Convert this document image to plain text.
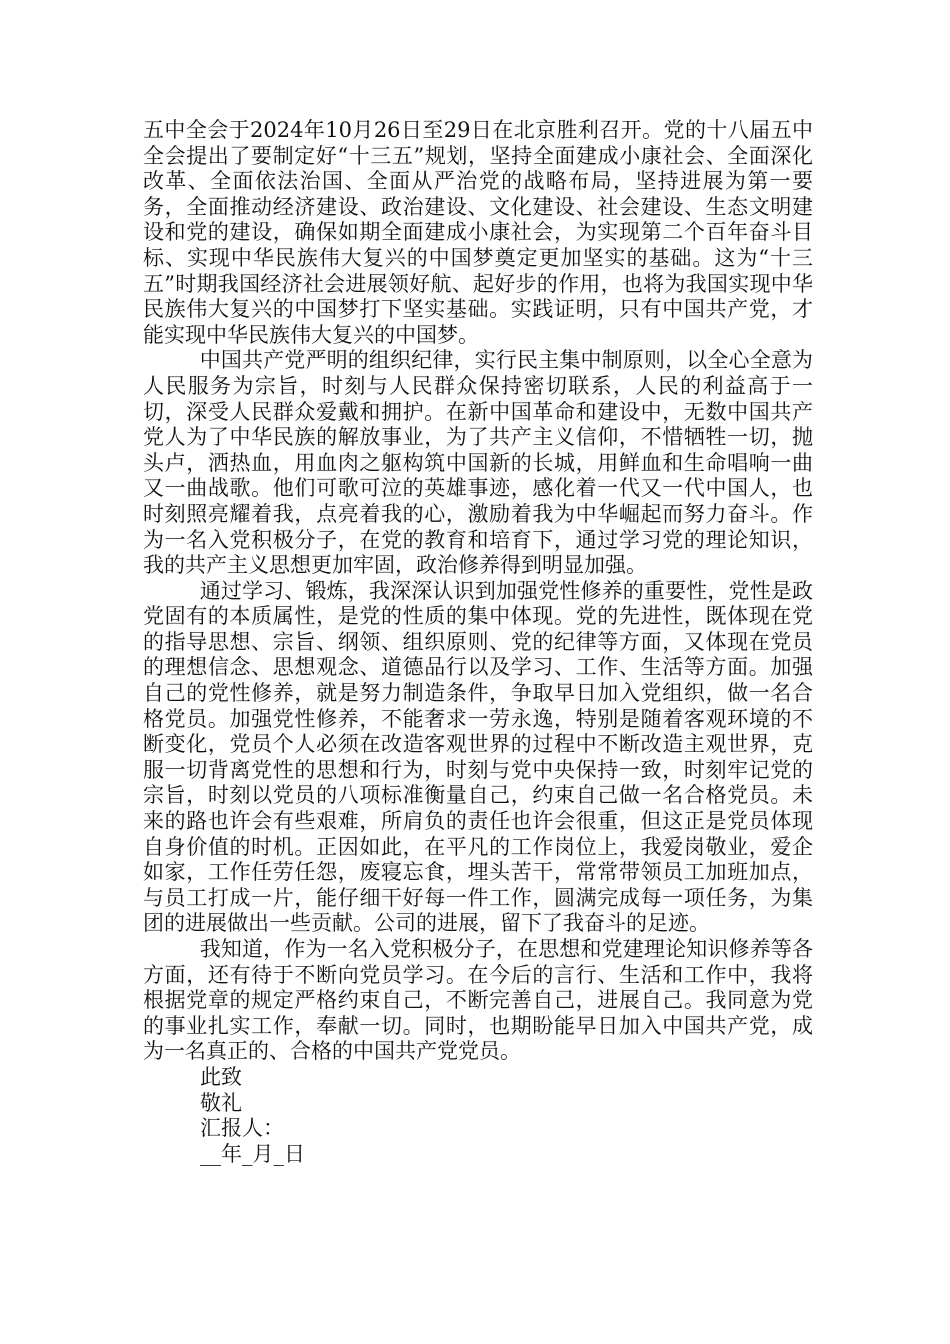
五中全会于2024年10月26日至29日在北京胜利召开。党的十八届五中全会提出了要制定好“十三五”规划，坚持全面建成小康社会、全面深化改革、全面依法治国、全面从严治党的战略布局，坚持进展为第一要务，全面推动经济建设、政治建设、文化建设、社会建设、生态文明建设和党的建设，确保如期全面建成小康社会，为实现第二个百年奋斗目标、实现中华民族伟大复兴的中国梦奠定更加坚实的基础。这为“十三五”时期我国经济社会进展领好航、起好步的作用，也将为我国实现中华民族伟大复兴的中国梦打下坚实基础。实践证明，只有中国共产党，才能实现中华民族伟大复兴的中国梦。

中国共产党严明的组织纪律，实行民主集中制原则，以全心全意为人民服务为宗旨，时刻与人民群众保持密切联系，人民的利益高于一切，深受人民群众爱戴和拥护。在新中国革命和建设中，无数中国共产党人为了中华民族的解放事业，为了共产主义信仰，不惜牺牲一切，抛头卢，洒热血，用血肉之躯构筑中国新的长城，用鲜血和生命唱响一曲又一曲战歌。他们可歌可泣的英雄事迹，感化着一代又一代中国人，也时刻照亮耀着我，点亮着我的心，激励着我为中华崛起而努力奋斗。作为一名入党积极分子，在党的教育和培育下，通过学习党的理论知识，我的共产主义思想更加牢固，政治修养得到明显加强。

通过学习、锻炼，我深深认识到加强党性修养的重要性，党性是政党固有的本质属性，是党的性质的集中体现。党的先进性，既体现在党的指导思想、宗旨、纲领、组织原则、党的纪律等方面，又体现在党员的理想信念、思想观念、道德品行以及学习、工作、生活等方面。加强自己的党性修养，就是努力制造条件，争取早日加入党组织，做一名合格党员。加强党性修养，不能奢求一劳永逸，特别是随着客观环境的不断变化，党员个人必须在改造客观世界的过程中不断改造主观世界，克服一切背离党性的思想和行为，时刻与党中央保持一致，时刻牢记党的宗旨，时刻以党员的八项标准衡量自己，约束自己做一名合格党员。未来的路也许会有些艰难，所肩负的责任也许会很重，但这正是党员体现自身价值的时机。正因如此，在平凡的工作岗位上，我爱岗敬业，爱企如家，工作任劳任怨，废寝忘食，埋头苦干，常常带领员工加班加点，与员工打成一片，能仔细干好每一件工作，圆满完成每一项任务，为集团的进展做出一些贡献。公司的进展，留下了我奋斗的足迹。

我知道，作为一名入党积极分子，在思想和党建理论知识修养等各方面，还有待于不断向党员学习。在今后的言行、生活和工作中，我将根据党章的规定严格约束自己，不断完善自己，进展自己。我同意为党的事业扎实工作，奉献一切。同时，也期盼能早日加入中国共产党，成为一名真正的、合格的中国共产党党员。

此致

敬礼

汇报人：

__年_月_日
